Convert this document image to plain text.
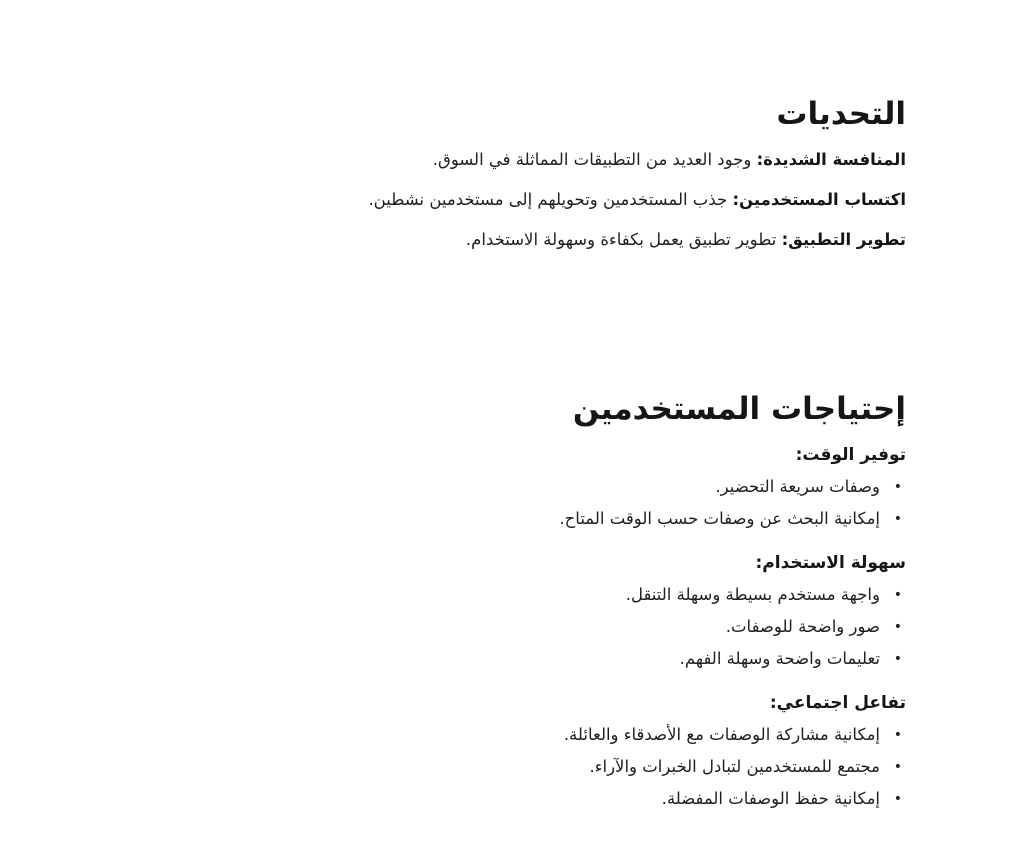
التحديات

المنافسة الشديدة: وجود العديد من التطبيقات المماثلة في السوق.

اكتساب المستخدمين: جذب المستخدمين وتحويلهم إلى مستخدمين نشطين.

تطوير التطبيق: تطوير تطبيق يعمل بكفاءة وسهولة الاستخدام.

إحتياجات المستخدمين

توفير الوقت:

•
وصفات سريعة التحضير.
•
إمكانية البحث عن وصفات حسب الوقت المتاح.

سهولة الاستخدام:

•
واجهة مستخدم بسيطة وسهلة التنقل.
•
صور واضحة للوصفات.
•
تعليمات واضحة وسهلة الفهم.

تفاعل اجتماعي:

•
إمكانية مشاركة الوصفات مع الأصدقاء والعائلة.
•
مجتمع للمستخدمين لتبادل الخبرات والآراء.
•
إمكانية حفظ الوصفات المفضلة.
